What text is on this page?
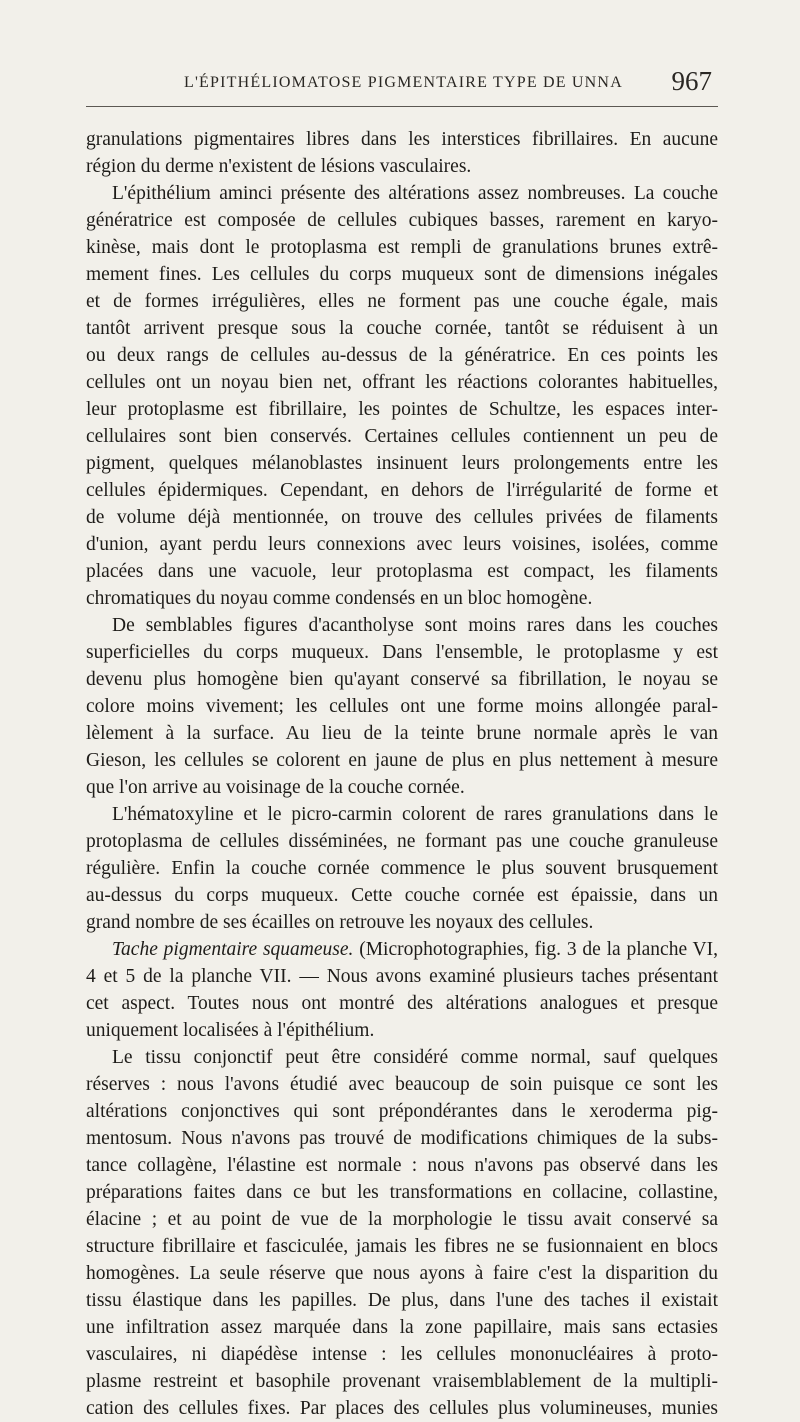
L'ÉPITHÉLIOMATOSE PIGMENTAIRE TYPE DE UNNA 967
granulations pigmentaires libres dans les interstices fibrillaires. En aucune
région du derme n'existent de lésions vasculaires.
L'épithélium aminci présente des altérations assez nombreuses. La couche
génératrice est composée de cellules cubiques basses, rarement en karyo-
kinèse, mais dont le protoplasma est rempli de granulations brunes extrê-
mement fines. Les cellules du corps muqueux sont de dimensions inégales
et de formes irrégulières, elles ne forment pas une couche égale, mais
tantôt arrivent presque sous la couche cornée, tantôt se réduisent à un
ou deux rangs de cellules au-dessus de la génératrice. En ces points les
cellules ont un noyau bien net, offrant les réactions colorantes habituelles,
leur protoplasme est fibrillaire, les pointes de Schultze, les espaces inter-
cellulaires sont bien conservés. Certaines cellules contiennent un peu de
pigment, quelques mélanoblastes insinuent leurs prolongements entre les
cellules épidermiques. Cependant, en dehors de l'irrégularité de forme et
de volume déjà mentionnée, on trouve des cellules privées de filaments
d'union, ayant perdu leurs connexions avec leurs voisines, isolées, comme
placées dans une vacuole, leur protoplasma est compact, les filaments
chromatiques du noyau comme condensés en un bloc homogène.
De semblables figures d'acantholyse sont moins rares dans les couches
superficielles du corps muqueux. Dans l'ensemble, le protoplasme y est
devenu plus homogène bien qu'ayant conservé sa fibrillation, le noyau se
colore moins vivement; les cellules ont une forme moins allongée paral-
lèlement à la surface. Au lieu de la teinte brune normale après le van
Gieson, les cellules se colorent en jaune de plus en plus nettement à mesure
que l'on arrive au voisinage de la couche cornée.
L'hématoxyline et le picro-carmin colorent de rares granulations dans le
protoplasma de cellules disséminées, ne formant pas une couche granuleuse
régulière. Enfin la couche cornée commence le plus souvent brusquement
au-dessus du corps muqueux. Cette couche cornée est épaissie, dans un
grand nombre de ses écailles on retrouve les noyaux des cellules.
Tache pigmentaire squameuse. (Microphotographies, fig. 3 de la planche VI,
4 et 5 de la planche VII. — Nous avons examiné plusieurs taches présentant
cet aspect. Toutes nous ont montré des altérations analogues et presque
uniquement localisées à l'épithélium.
Le tissu conjonctif peut être considéré comme normal, sauf quelques
réserves : nous l'avons étudié avec beaucoup de soin puisque ce sont les
altérations conjonctives qui sont prépondérantes dans le xeroderma pig-
mentosum. Nous n'avons pas trouvé de modifications chimiques de la subs-
tance collagène, l'élastine est normale : nous n'avons pas observé dans les
préparations faites dans ce but les transformations en collacine, collastine,
élacine ; et au point de vue de la morphologie le tissu avait conservé sa
structure fibrillaire et fasciculée, jamais les fibres ne se fusionnaient en blocs
homogènes. La seule réserve que nous ayons à faire c'est la disparition du
tissu élastique dans les papilles. De plus, dans l'une des taches il existait
une infiltration assez marquée dans la zone papillaire, mais sans ectasies
vasculaires, ni diapédèse intense : les cellules mononucléaires à proto-
plasme restreint et basophile provenant vraisemblablement de la multipli-
cation des cellules fixes. Par places des cellules plus volumineuses, munies
